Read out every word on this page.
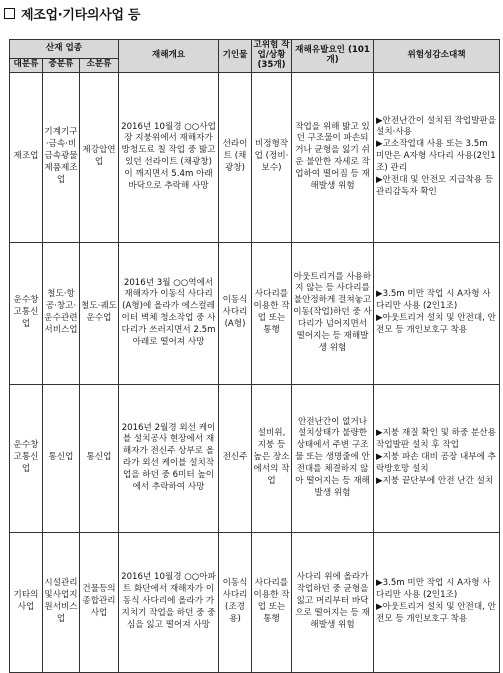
제조업·기타의사업 등
산재 업종			재해개요	기인물	고위험 작업/상황 (35개)	재해유발요인 (101개)	위험성감소대책
대분류	중분류	소분류					
제조업	기계기구·금속·비금속광물제품제조업	제강압연업	2016년 10월경 ○○사업장 지붕위에서 재해자가 방청도료 칠 작업 중 밟고 있던 선라이트 (채광창)이 깨지면서 5.4m 아래 바닥으로 추락해 사망	선라이트 (채광창)	비정형작업 (정비·보수)	작업을 위해 밟고 있던 구조물이 파손되거나 균형을 잃기 쉬운 불안한 자세로 작업하여 떨어짐 등 재해발생 위험	▶안전난간이 설치된 작업발판을 설치·사용
▶고소작업대 사용 또는 3.5m 미만은 A자형 사다리 사용(2인1조) 관리
▶안전대 및 안전모 지급착용 등 관리감독자 확인

운수창고통신업	철도·항공·창고·운수관련서비스업	철도·궤도운수업	2016년 3월 ○○역에서 재해자가 이동식 사다리(A형)에 올라가 에스컬레이터 벽체 청소작업 중 사다리가 쓰러지면서 2.5m 아래로 떨어져 사망	이동식 사다리 (A형)	사다리를 이용한 작업 또는 통행	아웃트리거를 사용하지 않는 등 사다리를 불안정하게 걸쳐놓고 이동(작업)하던 중 사다리가 넘어지면서 떨어지는 등 재해발생 위험	▶3.5m 미만 작업 시 A자형 사다리만 사용 (2인1조)
▶아웃트리거 설치 및 안전대, 안전모 등 개인보호구 착용

운수창고통신업	통신업	통신업	2016년 2월경 외선 케이블 설치공사 현장에서 재해자가 전신주 상부로 올라가 외선 케이블 설치작업을 하던 중 6미터 높이에서 추락하여 사망	전신주	설비위, 지붕 등 높은 장소에서의 작업	안전난간이 없거나 설치상태가 불량한 상태에서 주변 구조물 또는 생명줄에 안전대를 체결하지 않아 떨어지는 등 재해발생 위험	▶지붕 재질 확인 및 하중 분산용 작업발판 설치 후 작업
▶지붕 파손 대비 공장 내부에 추락방호망 설치
▶지붕 끝단부에 안전 난간 설치

기타의사업	시설관리및사업지원서비스업	건물등의종합관리사업	2016년 10월경 ○○아파트 화단에서 재해자가 이동식 사다리에 올라가 가지치기 작업을 하던 중 중심을 잃고 떨어져 사망	이동식 사다리(조경용)	사다리를 이용한 작업 또는 통행	사다리 위에 올라가 작업하던 중 균형을 잃고 머리부터 바닥으로 떨어지는 등 재해발생 위험	▶3.5m 미만 작업 시 A자형 사다리만 사용 (2인1조)
▶아웃트리거 설치 및 안전대, 안전모 등 개인보호구 착용
